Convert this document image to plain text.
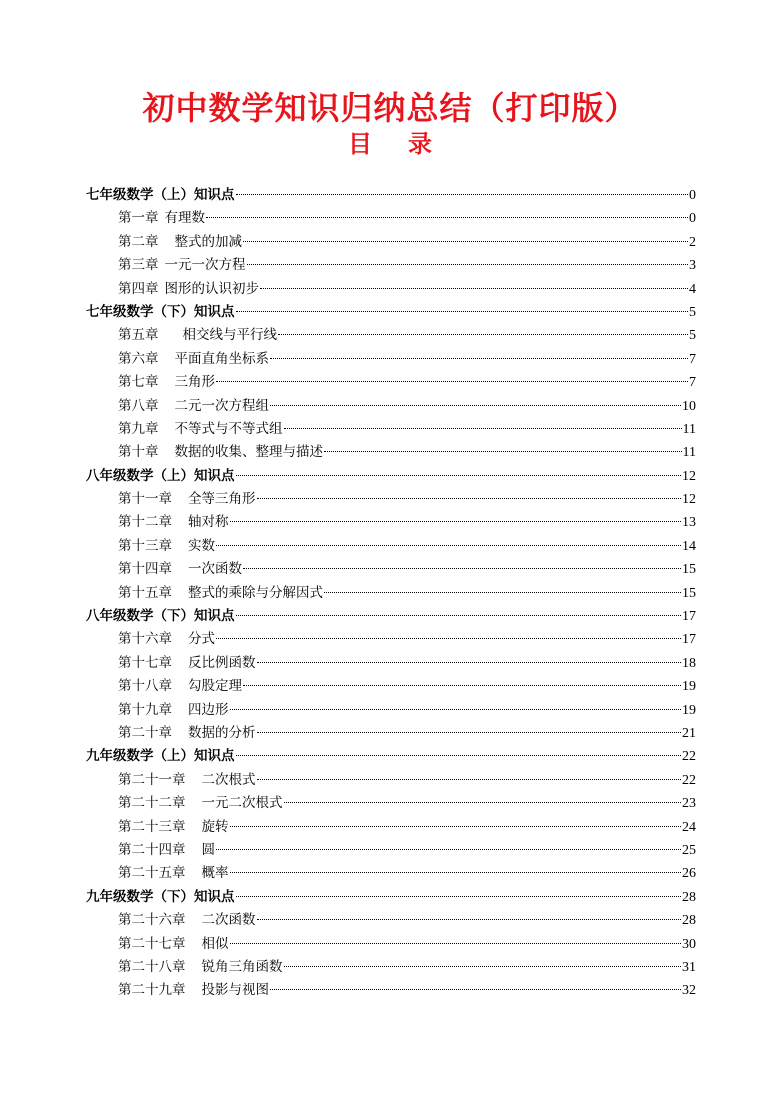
初中数学知识归纳总结（打印版）
目录
七年级数学（上）知识点	0
第一章 有理数	0
第二章 整式的加减	2
第三章 一元一次方程	3
第四章 图形的认识初步	4
七年级数学（下）知识点	5
第五章 相交线与平行线	5
第六章 平面直角坐标系	7
第七章 三角形	7
第八章 二元一次方程组	10
第九章 不等式与不等式组	11
第十章 数据的收集、整理与描述	11
八年级数学（上）知识点	12
第十一章 全等三角形	12
第十二章 轴对称	13
第十三章 实数	14
第十四章 一次函数	15
第十五章 整式的乘除与分解因式	15
八年级数学（下）知识点	17
第十六章 分式	17
第十七章 反比例函数	18
第十八章 勾股定理	19
第十九章 四边形	19
第二十章 数据的分析	21
九年级数学（上）知识点	22
第二十一章 二次根式	22
第二十二章 一元二次根式	23
第二十三章 旋转	24
第二十四章 圆	25
第二十五章 概率	26
九年级数学（下）知识点	28
第二十六章 二次函数	28
第二十七章 相似	30
第二十八章 锐角三角函数	31
第二十九章 投影与视图	32
